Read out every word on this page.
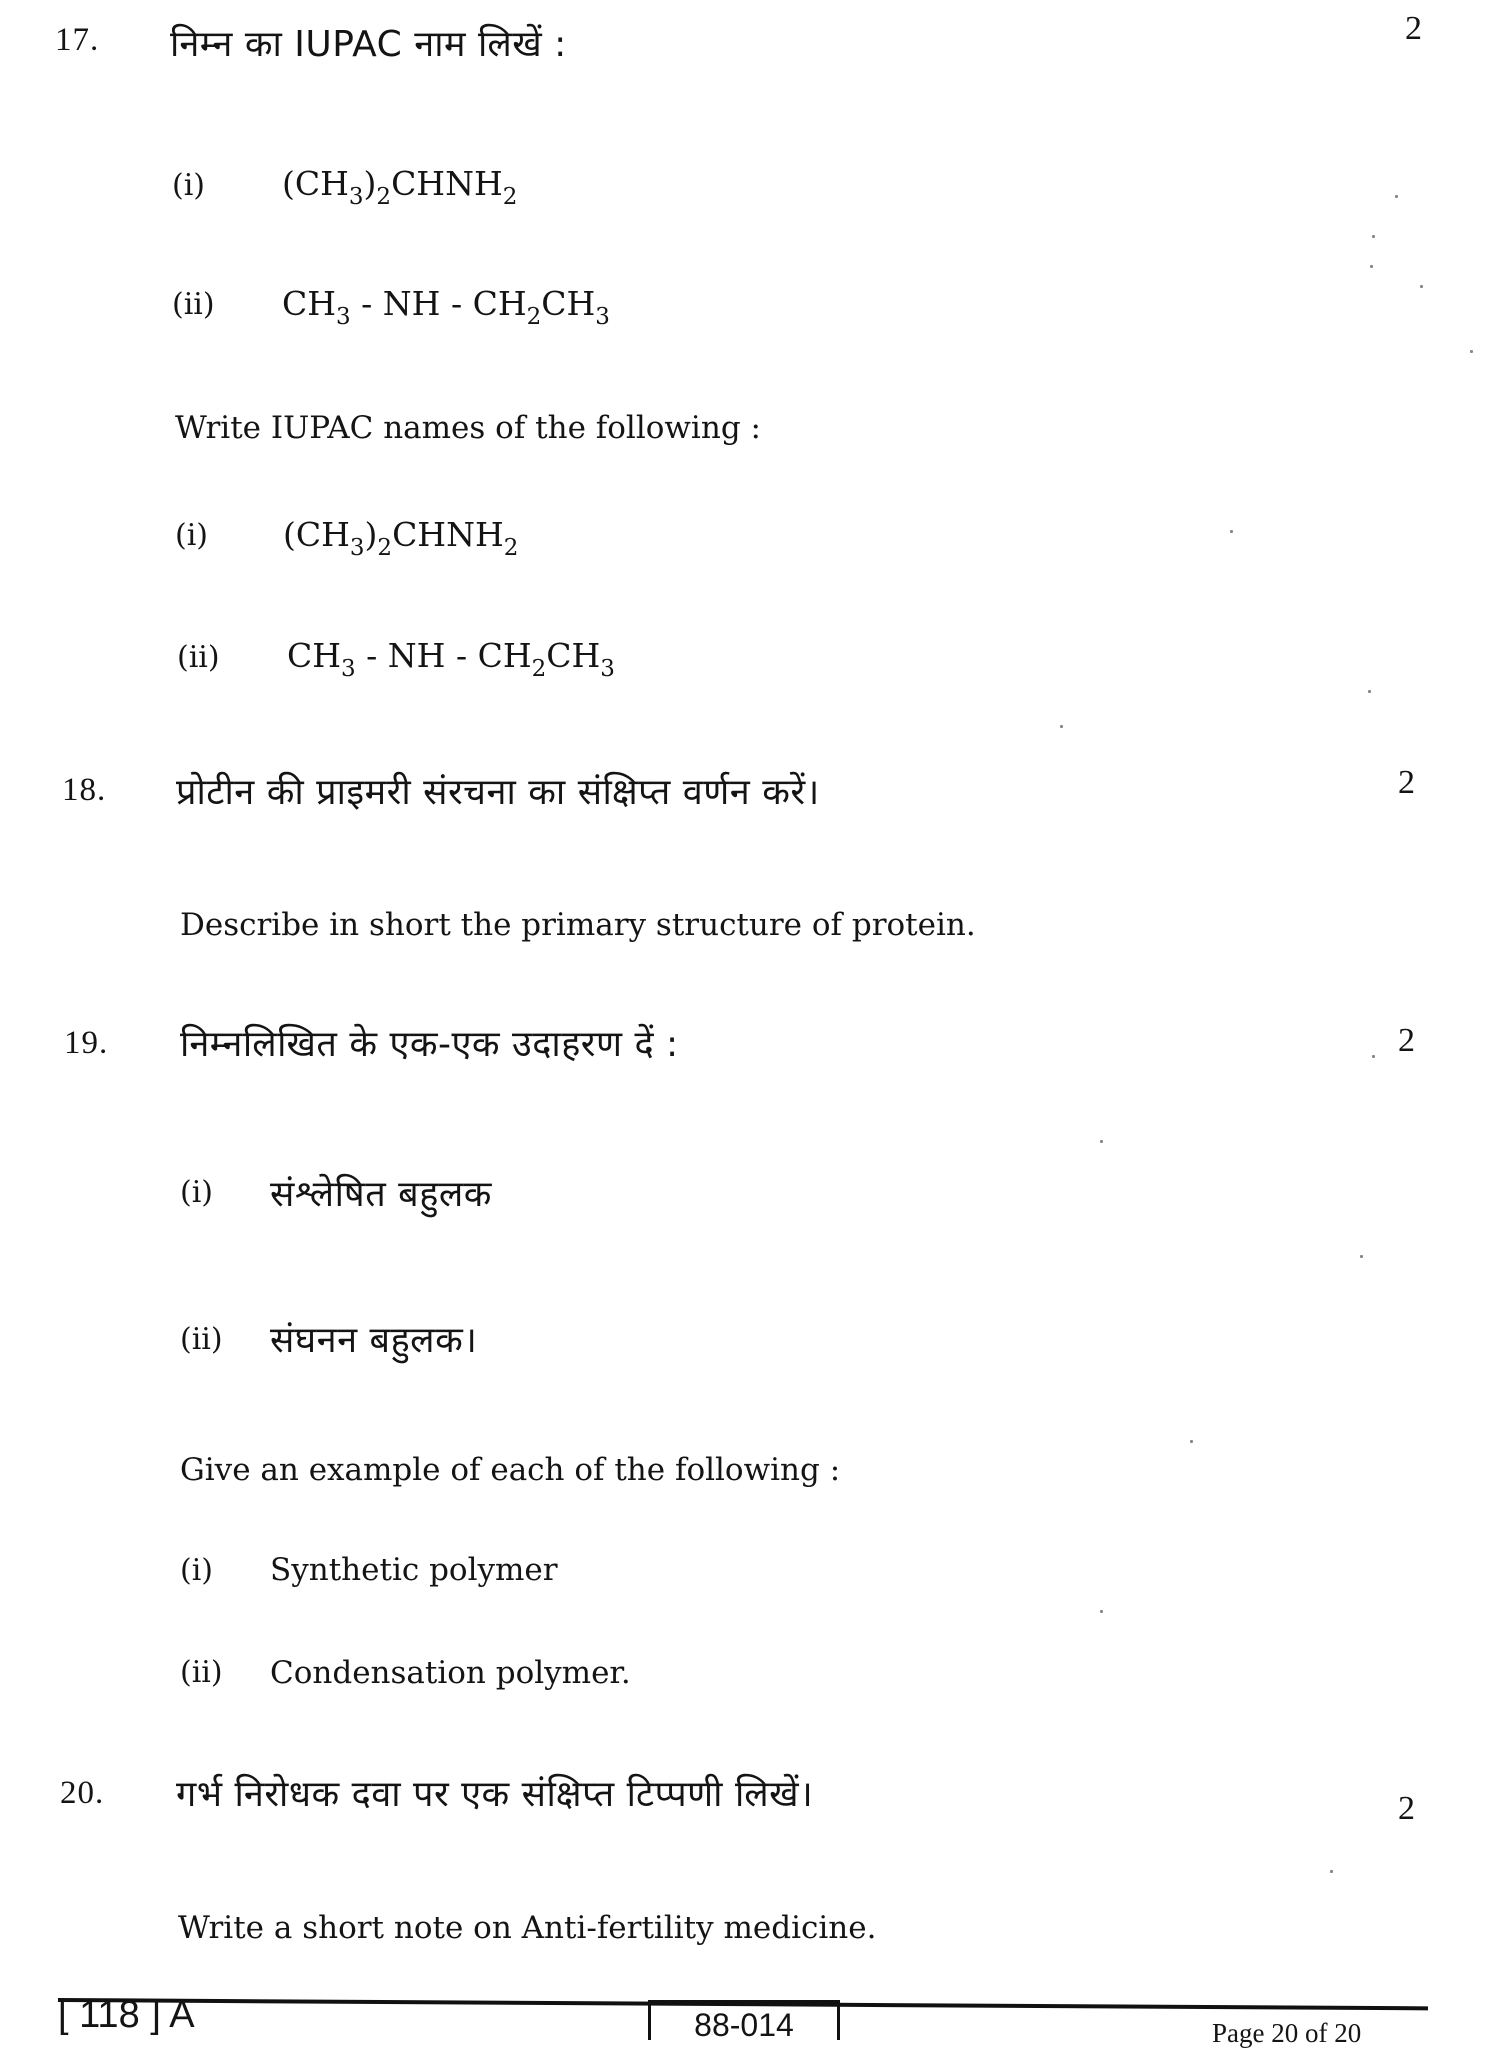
17. निम्न का IUPAC नाम लिखें :	2
(i) $(CH_3)_2CHNH_2$
(ii) $CH_3$ - NH - $CH_2CH_3$
Write IUPAC names of the following :
(i) $(CH_3)_2CHNH_2$
(ii) $CH_3$ - NH - $CH_2CH_3$
18. प्रोटीन की प्राइमरी संरचना का संक्षिप्त वर्णन करें।	2
Describe in short the primary structure of protein.
19. निम्नलिखित के एक-एक उदाहरण दें :	2
(i) संश्लेषित बहुलक
(ii) संघनन बहुलक।
Give an example of each of the following :
(i) Synthetic polymer
(ii) Condensation polymer.
20. गर्भ निरोधक दवा पर एक संक्षिप्त टिप्पणी लिखें।	2
Write a short note on Anti-fertility medicine.
[ 118 ] A	88-014	Page 20 of 20
